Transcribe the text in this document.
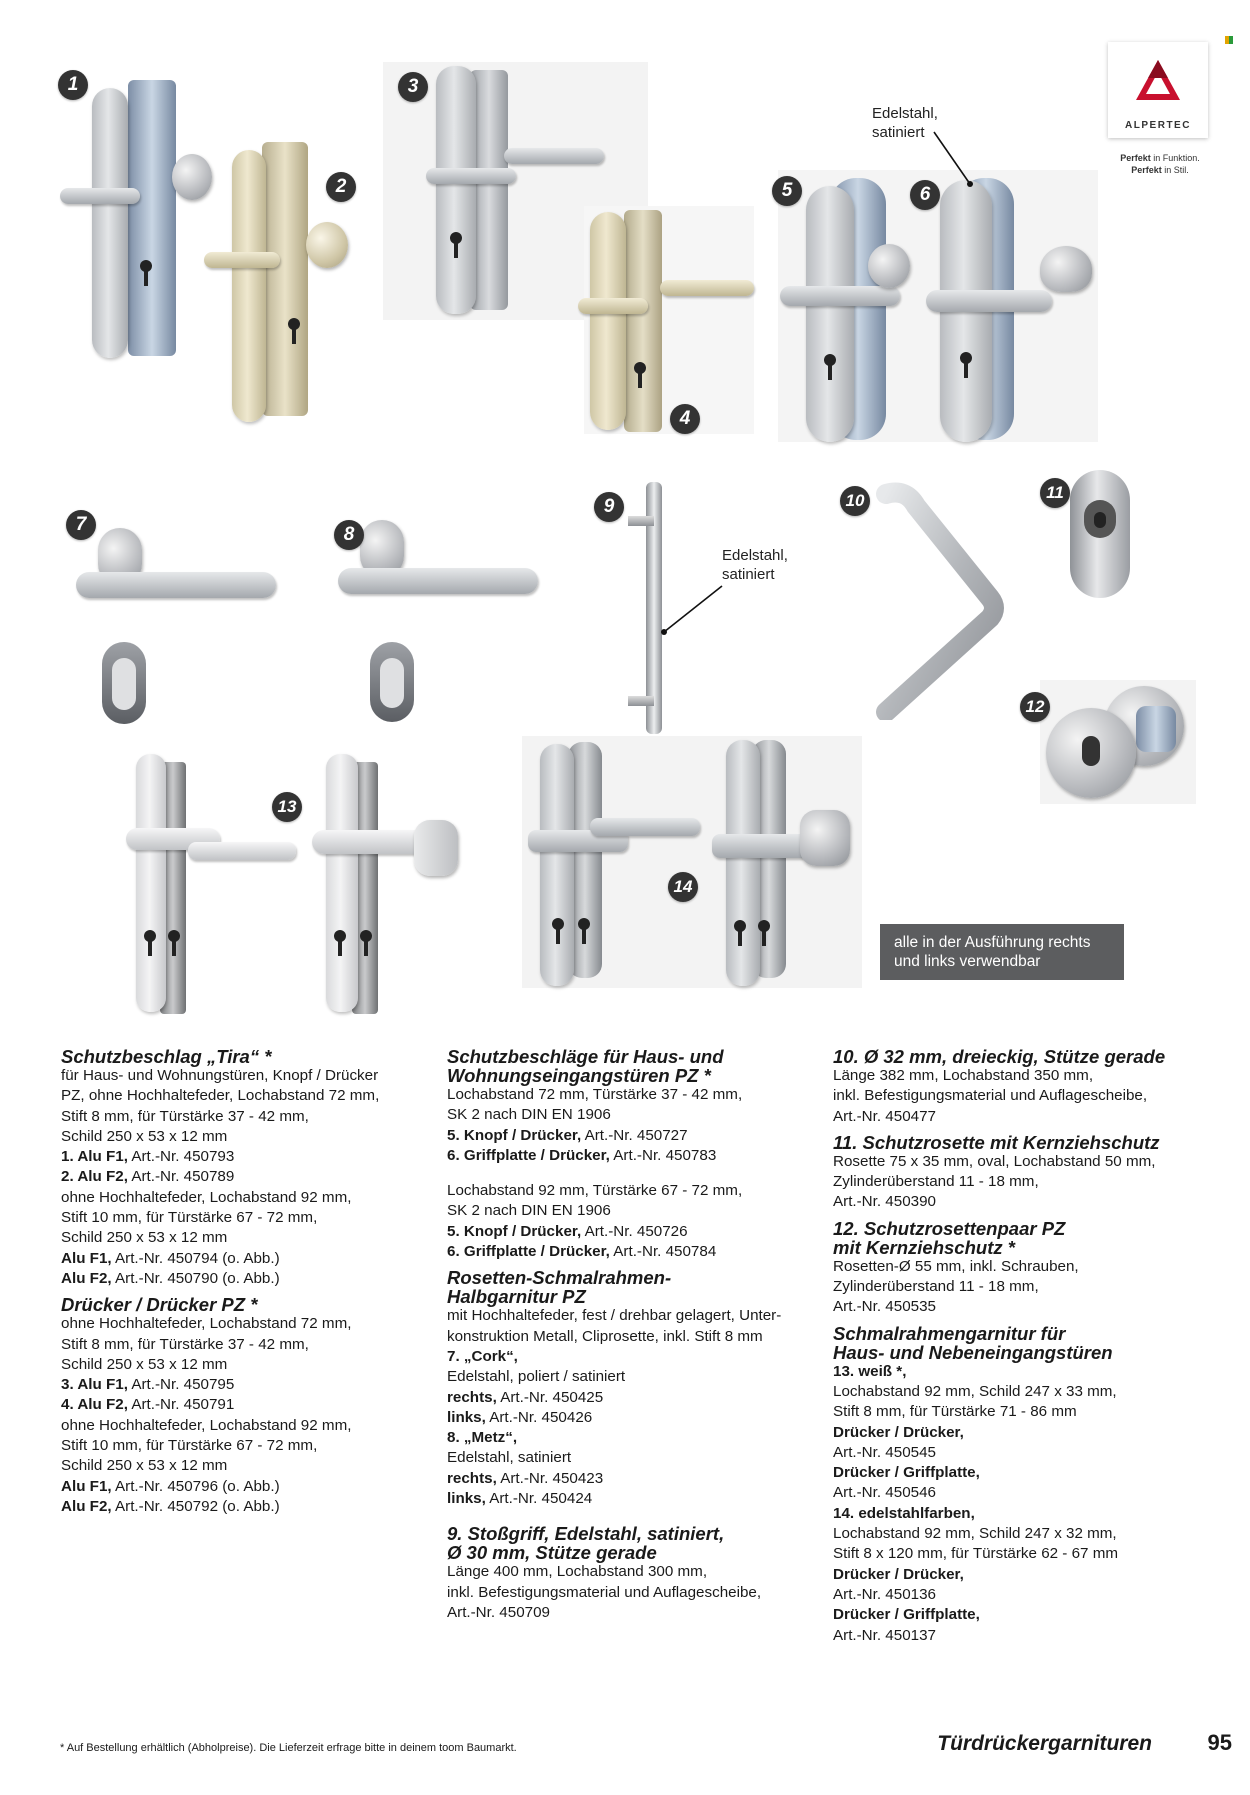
ALPERTEC
Perfekt in Funktion.
Perfekt in Stil.
1
2
3
4
5	6
7	8
9	10	11
12
13
14
Edelstahl,
satiniert
Edelstahl,
satiniert
alle in der Ausführung rechts
und links verwendbar
Schutzbeschlag „Tira“ *
für Haus- und Wohnungstüren, Knopf / Drücker
PZ, ohne Hochhaltefeder, Lochabstand 72 mm,
Stift 8 mm, für Türstärke 37 - 42 mm,
Schild 250 x 53 x 12 mm
1. Alu F1, Art.-Nr. 450793
2. Alu F2, Art.-Nr. 450789
ohne Hochhaltefeder, Lochabstand 92 mm,
Stift 10 mm, für Türstärke 67 - 72 mm,
Schild 250 x 53 x 12 mm
Alu F1, Art.-Nr. 450794 (o. Abb.)
Alu F2, Art.-Nr. 450790 (o. Abb.)
Drücker / Drücker PZ *
ohne Hochhaltefeder, Lochabstand 72 mm,
Stift 8 mm, für Türstärke 37 - 42 mm,
Schild 250 x 53 x 12 mm
3. Alu F1, Art.-Nr. 450795
4. Alu F2, Art.-Nr. 450791
ohne Hochhaltefeder, Lochabstand 92 mm,
Stift 10 mm, für Türstärke 67 - 72 mm,
Schild 250 x 53 x 12 mm
Alu F1, Art.-Nr. 450796 (o. Abb.)
Alu F2, Art.-Nr. 450792 (o. Abb.)
Schutzbeschläge für Haus- und
Wohnungseingangstüren PZ *
Lochabstand 72 mm, Türstärke 37 - 42 mm,
SK 2 nach DIN EN 1906
5. Knopf / Drücker, Art.-Nr. 450727
6. Griffplatte / Drücker, Art.-Nr. 450783
Lochabstand 92 mm, Türstärke 67 - 72 mm,
SK 2 nach DIN EN 1906
5. Knopf / Drücker, Art.-Nr. 450726
6. Griffplatte / Drücker, Art.-Nr. 450784
Rosetten-Schmalrahmen-
Halbgarnitur PZ
mit Hochhaltefeder, fest / drehbar gelagert, Unter-
konstruktion Metall, Cliprosette, inkl. Stift 8 mm
7. „Cork“,
Edelstahl, poliert / satiniert
rechts, Art.-Nr. 450425
links, Art.-Nr. 450426
8. „Metz“,
Edelstahl, satiniert
rechts, Art.-Nr. 450423
links, Art.-Nr. 450424
9. Stoßgriff, Edelstahl, satiniert,
Ø 30 mm, Stütze gerade
Länge 400 mm, Lochabstand 300 mm,
inkl. Befestigungsmaterial und Auflagescheibe,
Art.-Nr. 450709
10. Ø 32 mm, dreieckig, Stütze gerade
Länge 382 mm, Lochabstand 350 mm,
inkl. Befestigungsmaterial und Auflagescheibe,
Art.-Nr. 450477
11. Schutzrosette mit Kernziehschutz
Rosette 75 x 35 mm, oval, Lochabstand 50 mm,
Zylinderüberstand 11 - 18 mm,
Art.-Nr. 450390
12. Schutzrosettenpaar PZ
mit Kernziehschutz *
Rosetten-Ø 55 mm, inkl. Schrauben,
Zylinderüberstand 11 - 18 mm,
Art.-Nr. 450535
Schmalrahmengarnitur für
Haus- und Nebeneingangstüren
13. weiß *,
Lochabstand 92 mm, Schild 247 x 33 mm,
Stift 8 mm, für Türstärke 71 - 86 mm
Drücker / Drücker,
Art.-Nr. 450545
Drücker / Griffplatte,
Art.-Nr. 450546
14. edelstahlfarben,
Lochabstand 92 mm, Schild 247 x 32 mm,
Stift 8 x 120 mm, für Türstärke 62 - 67 mm
Drücker / Drücker,
Art.-Nr. 450136
Drücker / Griffplatte,
Art.-Nr. 450137
* Auf Bestellung erhältlich (Abholpreise). Die Lieferzeit erfrage bitte in deinem toom Baumarkt.	Türdrückergarnituren	95
